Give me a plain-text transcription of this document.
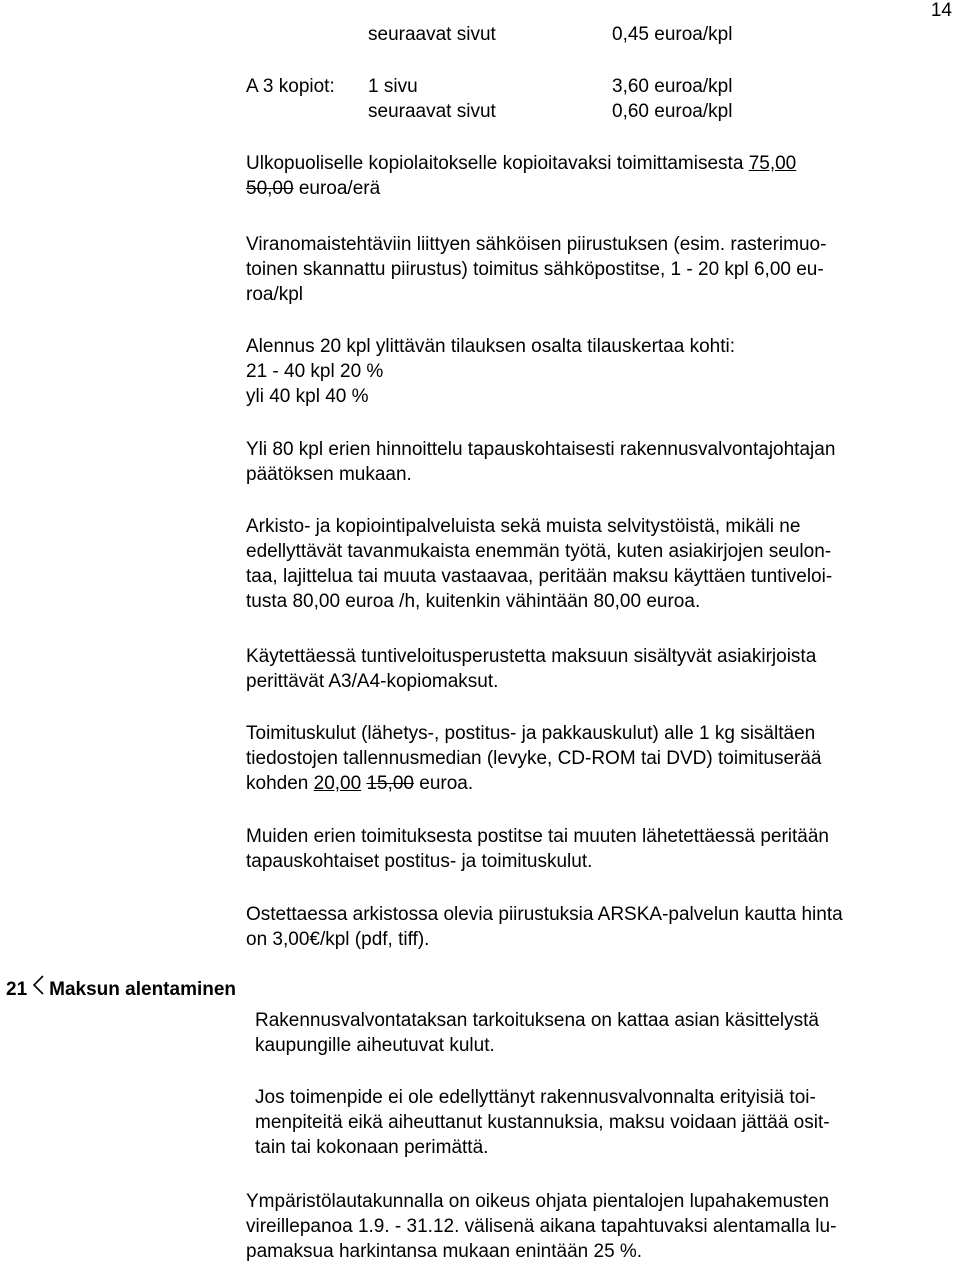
14
seuraavat sivut	0,45 euroa/kpl
A 3 kopiot: 1 sivu	3,60 euroa/kpl
seuraavat sivut	0,60 euroa/kpl
Ulkopuoliselle kopiolaitokselle kopioitavaksi toimittamisesta 75,00
50,00 euroa/erä
Viranomaistehtäviin liittyen sähköisen piirustuksen (esim. rasterimuo-
toinen skannattu piirustus) toimitus sähköpostitse, 1 - 20 kpl 6,00 eu-
roa/kpl
Alennus 20 kpl ylittävän tilauksen osalta tilauskertaa kohti:
21 - 40 kpl 20 %
yli 40 kpl 40 %
Yli 80 kpl erien hinnoittelu tapauskohtaisesti rakennusvalvontajohtajan
päätöksen mukaan.
Arkisto- ja kopiointipalveluista sekä muista selvitystöistä, mikäli ne
edellyttävät tavanmukaista enemmän työtä, kuten asiakirjojen seulon-
taa, lajittelua tai muuta vastaavaa, peritään maksu käyttäen tuntiveloi-
tusta 80,00 euroa /h, kuitenkin vähintään 80,00 euroa.
Käytettäessä tuntiveloitusperustetta maksuun sisältyvät asiakirjoista
perittävät A3/A4-kopiomaksut.
Toimituskulut (lähetys-, postitus- ja pakkauskulut) alle 1 kg sisältäen
tiedostojen tallennusmedian (levyke, CD-ROM tai DVD) toimituserää
kohden 20,00 15,00 euroa.
Muiden erien toimituksesta postitse tai muuten lähetettäessä peritään
tapauskohtaiset postitus- ja toimituskulut.
Ostettaessa arkistossa olevia piirustuksia ARSKA-palvelun kautta hinta
on 3,00€/kpl (pdf, tiff).
21 Maksun alentaminen
Rakennusvalvontataksan tarkoituksena on kattaa asian käsittelystä
kaupungille aiheutuvat kulut.
Jos toimenpide ei ole edellyttänyt rakennusvalvonnalta erityisiä toi-
menpiteitä eikä aiheuttanut kustannuksia, maksu voidaan jättää osit-
tain tai kokonaan perimättä.
Ympäristölautakunnalla on oikeus ohjata pientalojen lupahakemusten
vireillepanoa 1.9. - 31.12. välisenä aikana tapahtuvaksi alentamalla lu-
pamaksua harkintansa mukaan enintään 25 %.
